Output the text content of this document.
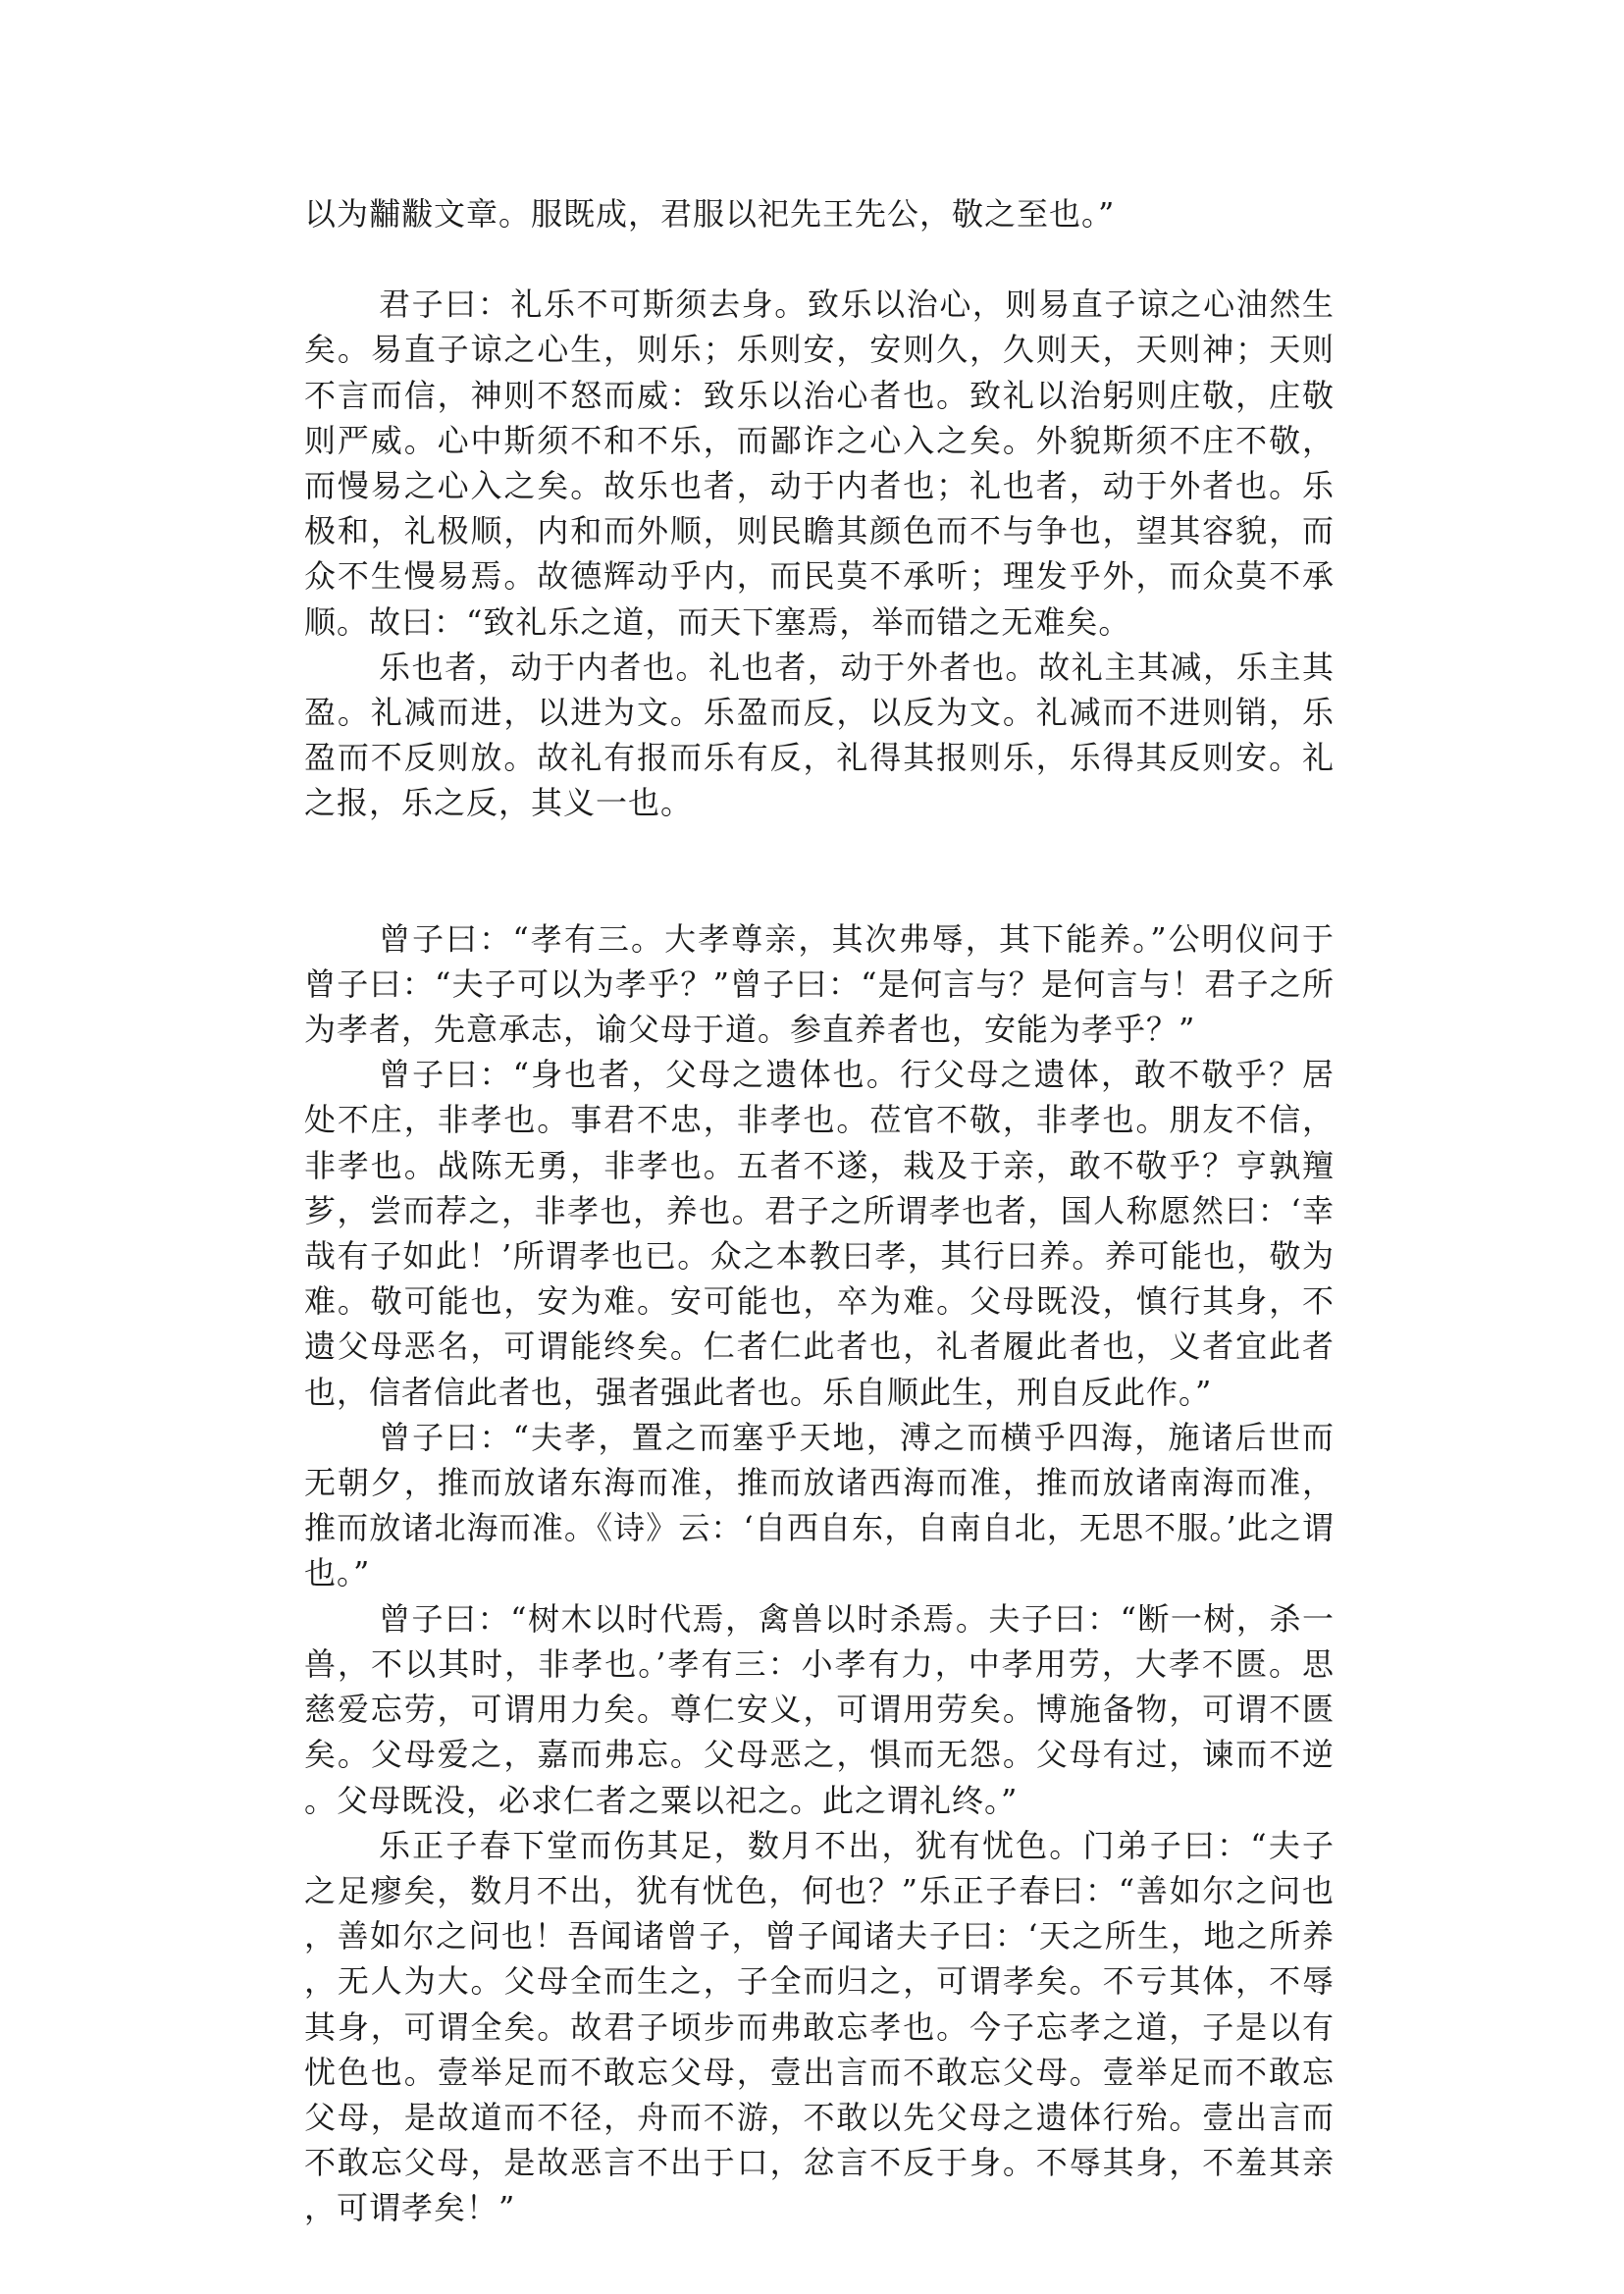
以为黼黻文章。服既成，君服以祀先王先公，敬之至也。”

君子曰：礼乐不可斯须去身。致乐以治心，则易直子谅之心油然生矣。易直子谅之心生，则乐；乐则安，安则久，久则天，天则神；天则不言而信，神则不怒而威：致乐以治心者也。致礼以治躬则庄敬，庄敬则严威。心中斯须不和不乐，而鄙诈之心入之矣。外貌斯须不庄不敬，而慢易之心入之矣。故乐也者，动于内者也；礼也者，动于外者也。乐极和，礼极顺，内和而外顺，则民瞻其颜色而不与争也，望其容貌，而众不生慢易焉。故德辉动乎内，而民莫不承听；理发乎外，而众莫不承顺。故曰：“致礼乐之道，而天下塞焉，举而错之无难矣。

乐也者，动于内者也。礼也者，动于外者也。故礼主其减，乐主其盈。礼减而进，以进为文。乐盈而反，以反为文。礼减而不进则销，乐盈而不反则放。故礼有报而乐有反，礼得其报则乐，乐得其反则安。礼之报，乐之反，其义一也。

曾子曰：“孝有三。大孝尊亲，其次弗辱，其下能养。”公明仪问于曾子曰：“夫子可以为孝乎？”曾子曰：“是何言与？是何言与！君子之所为孝者，先意承志，谕父母于道。参直养者也，安能为孝乎？”

曾子曰：“身也者，父母之遗体也。行父母之遗体，敢不敬乎？居处不庄，非孝也。事君不忠，非孝也。莅官不敬，非孝也。朋友不信，非孝也。战陈无勇，非孝也。五者不遂，栽及于亲，敢不敬乎？亨孰羶芗，尝而荐之，非孝也，养也。君子之所谓孝也者，国人称愿然曰：‘幸哉有子如此！’所谓孝也已。众之本教曰孝，其行曰养。养可能也，敬为难。敬可能也，安为难。安可能也，卒为难。父母既没，慎行其身，不遗父母恶名，可谓能终矣。仁者仁此者也，礼者履此者也，义者宜此者也，信者信此者也，强者强此者也。乐自顺此生，刑自反此作。”

曾子曰：“夫孝，置之而塞乎天地，溥之而横乎四海，施诸后世而无朝夕，推而放诸东海而准，推而放诸西海而准，推而放诸南海而准，推而放诸北海而准。《诗》云：‘自西自东，自南自北，无思不服。’此之谓也。”

曾子曰：“树木以时代焉，禽兽以时杀焉。夫子曰：“断一树，杀一兽，不以其时，非孝也。’孝有三：小孝有力，中孝用劳，大孝不匮。思慈爱忘劳，可谓用力矣。尊仁安义，可谓用劳矣。博施备物，可谓不匮矣。父母爱之，嘉而弗忘。父母恶之，惧而无怨。父母有过，谏而不逆。父母既没，必求仁者之粟以祀之。此之谓礼终。”

乐正子春下堂而伤其足，数月不出，犹有忧色。门弟子曰：“夫子之足瘳矣，数月不出，犹有忧色，何也？”乐正子春曰：“善如尔之问也，善如尔之问也！吾闻诸曾子，曾子闻诸夫子曰：‘天之所生，地之所养，无人为大。父母全而生之，子全而归之，可谓孝矣。不亏其体，不辱其身，可谓全矣。故君子顷步而弗敢忘孝也。今子忘孝之道，子是以有忧色也。壹举足而不敢忘父母，壹出言而不敢忘父母。壹举足而不敢忘父母，是故道而不径，舟而不游，不敢以先父母之遗体行殆。壹出言而不敢忘父母，是故恶言不出于口，忿言不反于身。不辱其身，不羞其亲，可谓孝矣！”
